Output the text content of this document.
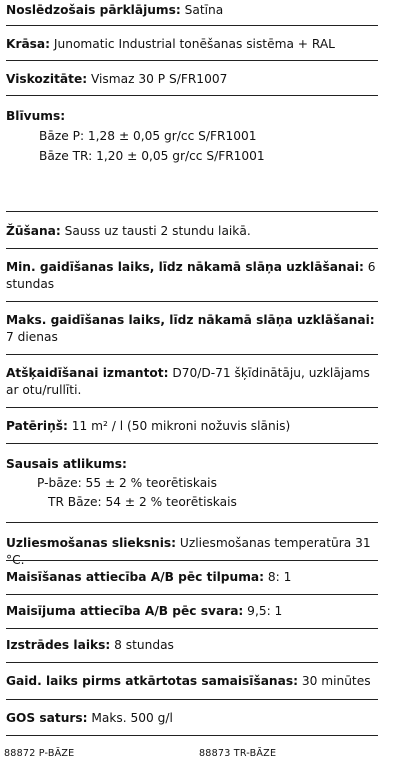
Noslēdzošais pārklājums: Satīna
Krāsa: Junomatic Industrial tonēšanas sistēma + RAL
Viskozitāte: Vismaz 30 P S/FR1007
Blīvums:
Bāze P: 1,28 ± 0,05 gr/cc S/FR1001
Bāze TR: 1,20 ± 0,05 gr/cc S/FR1001
Žūšana: Sauss uz tausti 2 stundu laikā.
Min. gaidīšanas laiks, līdz nākamā slāņa uzklāšanai: 6 stundas
Maks. gaidīšanas laiks, līdz nākamā slāņa uzklāšanai: 7 dienas
Atšķaidīšanai izmantot: D70/D-71 šķīdinātāju, uzklājams ar otu/rullīti.
Patēriņš: 11 m² / l (50 mikroni nožuvis slānis)
Sausais atlikums:
P-bāze: 55 ± 2 % teorētiskais
TR Bāze: 54 ± 2 % teorētiskais
Uzliesmošanas slieksnis: Uzliesmošanas temperatūra 31 °C.
Maisīšanas attiecība A/B pēc tilpuma: 8: 1
Maisījuma attiecība A/B pēc svara: 9,5: 1
Izstrādes laiks: 8 stundas
Gaid. laiks pirms atkārtotas samaisīšanas: 30 minūtes
GOS saturs: Maks. 500 g/l
88872 P-BĀZE	88873 TR-BĀZE
